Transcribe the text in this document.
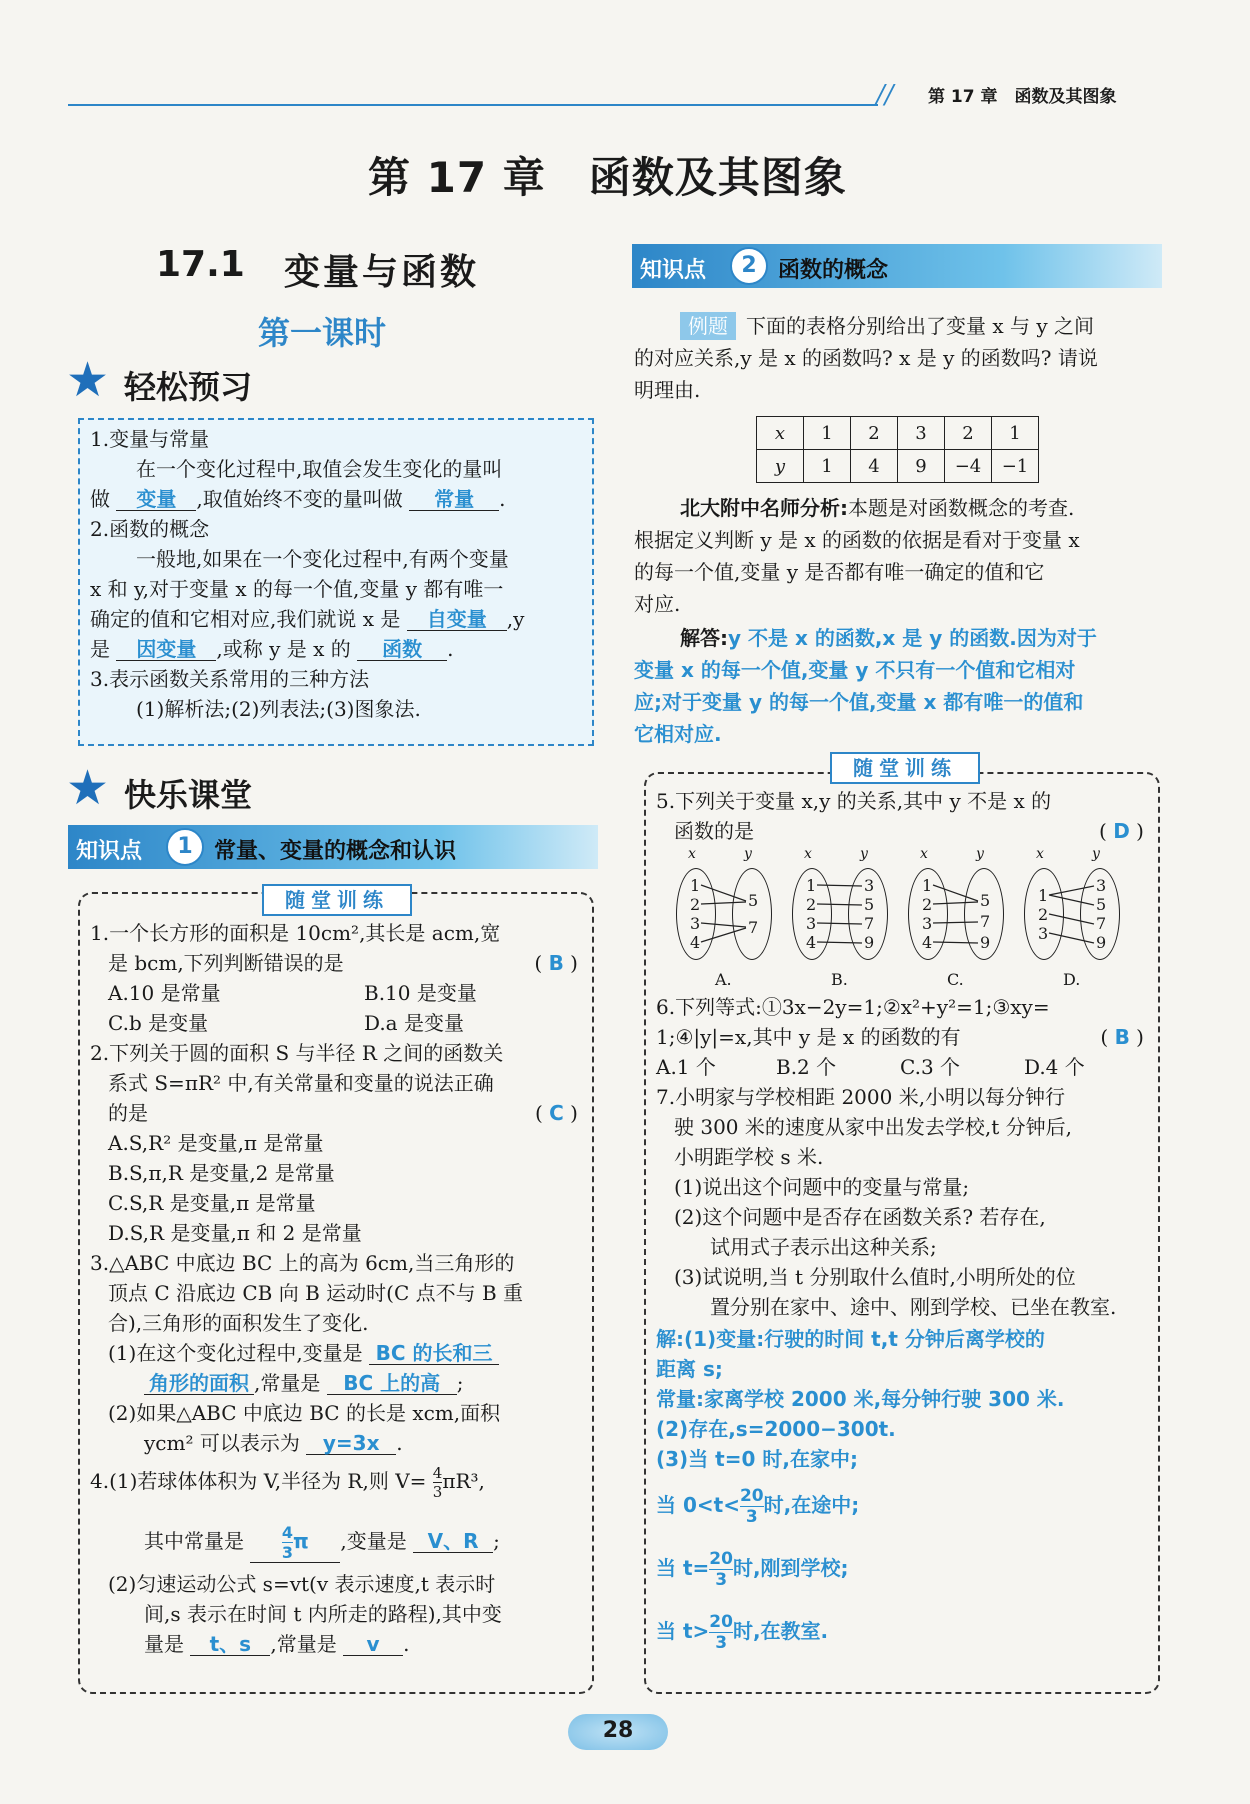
// 第 17 章　函数及其图象
第 17 章　函数及其图象
17.1 变量与函数
第一课时
★ 轻松预习
1.变量与常量
在一个变化过程中,取值会发生变化的量叫
做 变量 ,取值始终不变的量叫做 常量 .
2.函数的概念
一般地,如果在一个变化过程中,有两个变量
x 和 y,对于变量 x 的每一个值,变量 y 都有唯一
确定的值和它相对应,我们就说 x 是 自变量 ,y
是 因变量 ,或称 y 是 x 的 函数 .
3.表示函数关系常用的三种方法
(1)解析法;(2)列表法;(3)图象法.
★ 快乐课堂
知识点	1 常量、变量的概念和认识
随堂训练
1.一个长方形的面积是 10cm²,其长是 acm,宽
是 bcm,下列判断错误的是	( B )
A.10 是常量	B.10 是变量
C.b 是变量	D.a 是变量
2.下列关于圆的面积 S 与半径 R 之间的函数关
系式 S=πR² 中,有关常量和变量的说法正确
的是	( C )
A.S,R² 是变量,π 是常量
B.S,π,R 是变量,2 是常量
C.S,R 是变量,π 是常量
D.S,R 是变量,π 和 2 是常量
3.△ABC 中底边 BC 上的高为 6cm,当三角形的
顶点 C 沿底边 CB 向 B 运动时(C 点不与 B 重
合),三角形的面积发生了变化.
(1)在这个变化过程中,变量是 BC 的长和三
角形的面积 ,常量是 BC 上的高 ;
(2)如果△ABC 中底边 BC 的长是 xcm,面积
ycm² 可以表示为 y=3x .
4.(1)若球体体积为 V,半径为 R,则 $V= \frac{4}{3} \pi R^3$,
其中常量是 $\frac{4}{3}$ π ,变量是 V、R ;
(2)匀速运动公式 s=vt(v 表示速度,t 表示时
间,s 表示在时间 t 内所走的路程),其中变
量是 t、s ,常量是 v .
知识点	2 函数的概念
例题 下面的表格分别给出了变量 x 与 y 之间
的对应关系,y 是 x 的函数吗? x 是 y 的函数吗? 请说
明理由.
x	1	2	3	2	1
y	1	4	9	−4	−1
北大附中名师分析:本题是对函数概念的考查.
根据定义判断 y 是 x 的函数的依据是看对于变量 x
的每一个值,变量 y 是否都有唯一确定的值和它
对应.
解答:y 不是 x 的函数,x 是 y 的函数.因为对于
变量 x 的每一个值,变量 y 不只有一个值和它相对
应;对于变量 y 的每一个值,变量 x 都有唯一的值和
它相对应.
随堂训练
5.下列关于变量 x,y 的关系,其中 y 不是 x 的
函数的是	( D )
x	y
1
2
3
4
5
7
A.
x	y
1
2
3
4
3
5
7
9
B.
x	y
1
2
3
4
5
7
9
C.
x	y
1
2
3
3
5
7
9
D.
6.下列等式:①3x−2y=1;②x²+y²=1;③xy=
1;④|y|=x,其中 y 是 x 的函数的有	( B )
A.1 个	B.2 个	C.3 个	D.4 个
7.小明家与学校相距 2000 米,小明以每分钟行
驶 300 米的速度从家中出发去学校,t 分钟后,
小明距学校 s 米.
(1)说出这个问题中的变量与常量;
(2)这个问题中是否存在函数关系? 若存在,
试用式子表示出这种关系;
(3)试说明,当 t 分别取什么值时,小明所处的位
置分别在家中、途中、刚到学校、已坐在教室.
解:(1)变量:行驶的时间 t,t 分钟后离学校的
距离 s;
常量:家离学校 2000 米,每分钟行驶 300 米.
(2)存在,s=2000−300t.
(3)当 t=0 时,在家中;
当 $0<t< \frac{20}{3}$ 时,在途中;
当 $t= \frac{20}{3}$ 时,刚到学校;
当 $t> \frac{20}{3}$ 时,在教室.
28
